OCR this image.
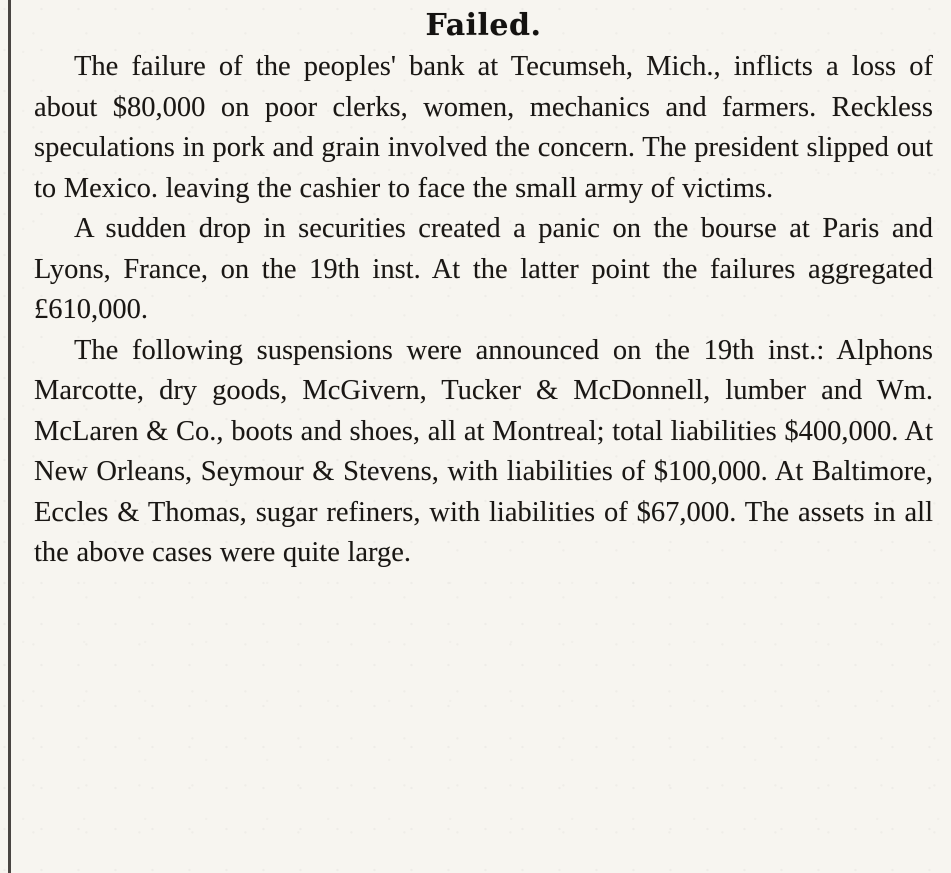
Failed.

The failure of the peoples' bank at Tecumseh, Mich., inflicts a loss of about $80,000 on poor clerks, women, mechanics and farmers. Reckless speculations in pork and grain involved the concern. The president slipped out to Mexico. leaving the cashier to face the small army of victims.

A sudden drop in securities created a panic on the bourse at Paris and Lyons, France, on the 19th inst. At the latter point the failures aggregated £610,000.

The following suspensions were announced on the 19th inst.: Alphons Marcotte, dry goods, McGivern, Tucker & McDonnell, lumber and Wm. McLaren & Co., boots and shoes, all at Montreal; total liabilities $400,000. At New Orleans, Seymour & Stevens, with liabilities of $100,000. At Baltimore, Eccles & Thomas, sugar refiners, with liabilities of $67,000. The assets in all the above cases were quite large.
